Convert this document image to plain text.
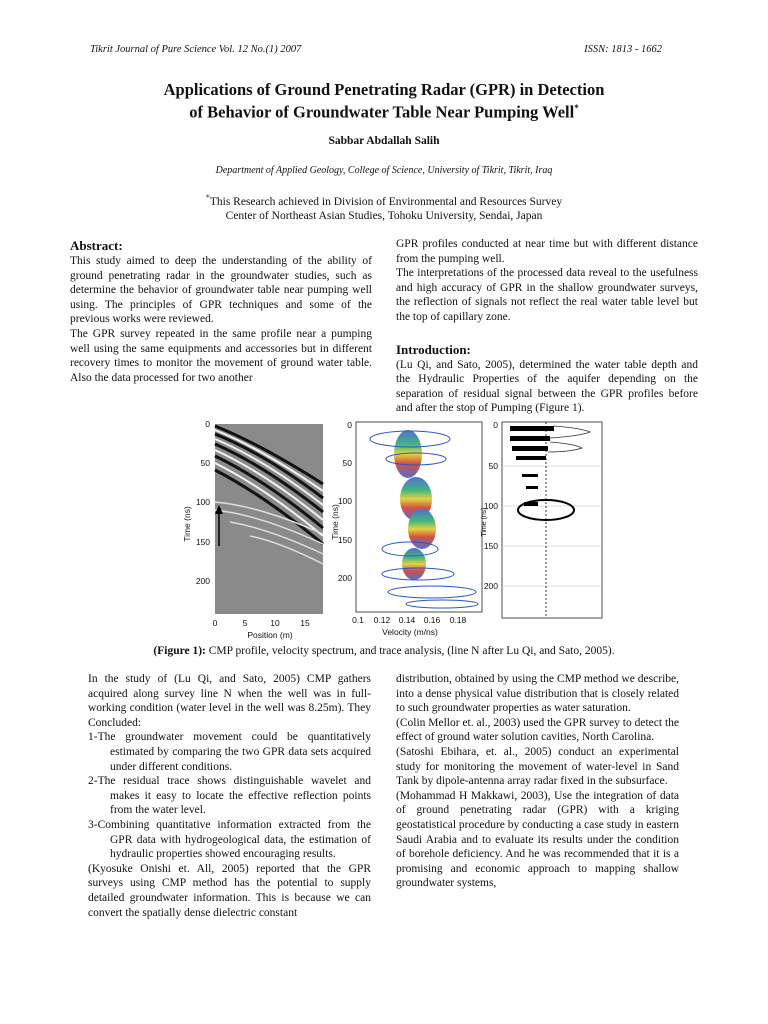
Tikrit Journal of Pure Science Vol. 12 No.(1) 2007	ISSN: 1813 - 1662
Applications of Ground Penetrating Radar (GPR) in Detection
of Behavior of Groundwater Table Near Pumping Well*
Sabbar Abdallah Salih
Department of Applied Geology, College of Science, University of Tikrit, Tikrit, Iraq
*This Research achieved in Division of Environmental and Resources Survey
Center of Northeast Asian Studies, Tohoku University, Sendai, Japan
Abstract:

This study aimed to deep the understanding of the ability of ground penetrating radar in the groundwater studies, such as determine the behavior of groundwater table near pumping well using. The principles of GPR techniques and some of the previous works were reviewed.

The GPR survey repeated in the same profile near a pumping well using the same equipments and accessories but in different recovery times to monitor the movement of ground water table. Also the data processed for two another

GPR profiles conducted at near time but with different distance from the pumping well.

The interpretations of the processed data reveal to the usefulness and high accuracy of GPR in the shallow groundwater surveys, the reflection of signals not reflect the real water table level but the top of capillary zone.

Introduction:

(Lu Qi, and Sato, 2005), determined the water table depth and the Hydraulic Properties of the aquifer depending on the separation of residual signal between the GPR profiles before and after the stop of Pumping (Figure 1).

0
50
100
150
200
Time (ns)
0	5	10 15
Position (m)
0
50
100
150
200
Time (ns)
0.1 0.12 0.14 0.16 0.18
Velocity (m/ns)
0
50
100
150
200
Time (ns)
(Figure 1): CMP profile, velocity spectrum, and trace analysis, (line N after Lu Qi, and Sato, 2005).

In the study of (Lu Qi, and Sato, 2005) CMP gathers acquired along survey line N when the well was in full-working condition (water level in the well was 8.25m). They Concluded:

1-The groundwater movement could be quantitatively estimated by comparing the two GPR data sets acquired under different conditions.

2-The residual trace shows distinguishable wavelet and makes it easy to locate the effective reflection points from the water level.

3-Combining quantitative information extracted from the GPR data with hydrogeological data, the estimation of hydraulic properties showed encouraging results.

(Kyosuke Onishi et. All, 2005) reported that the GPR surveys using CMP method has the potential to supply detailed groundwater information. This is because we can convert the spatially dense dielectric constant

distribution, obtained by using the CMP method we describe, into a dense physical value distribution that is closely related to such groundwater properties as water saturation.

(Colin Mellor et. al., 2003) used the GPR survey to detect the effect of ground water solution cavities, North Carolina.

(Satoshi Ebihara, et. al., 2005) conduct an experimental study for monitoring the movement of water-level in Sand Tank by dipole-antenna array radar fixed in the subsurface.

(Mohammad H Makkawi, 2003), Use the integration of data of ground penetrating radar (GPR) with a kriging geostatistical procedure by conducting a case study in eastern Saudi Arabia and to evaluate its results under the condition of borehole deficiency. And he was recommended that it is a promising and economic approach to mapping shallow groundwater systems,
